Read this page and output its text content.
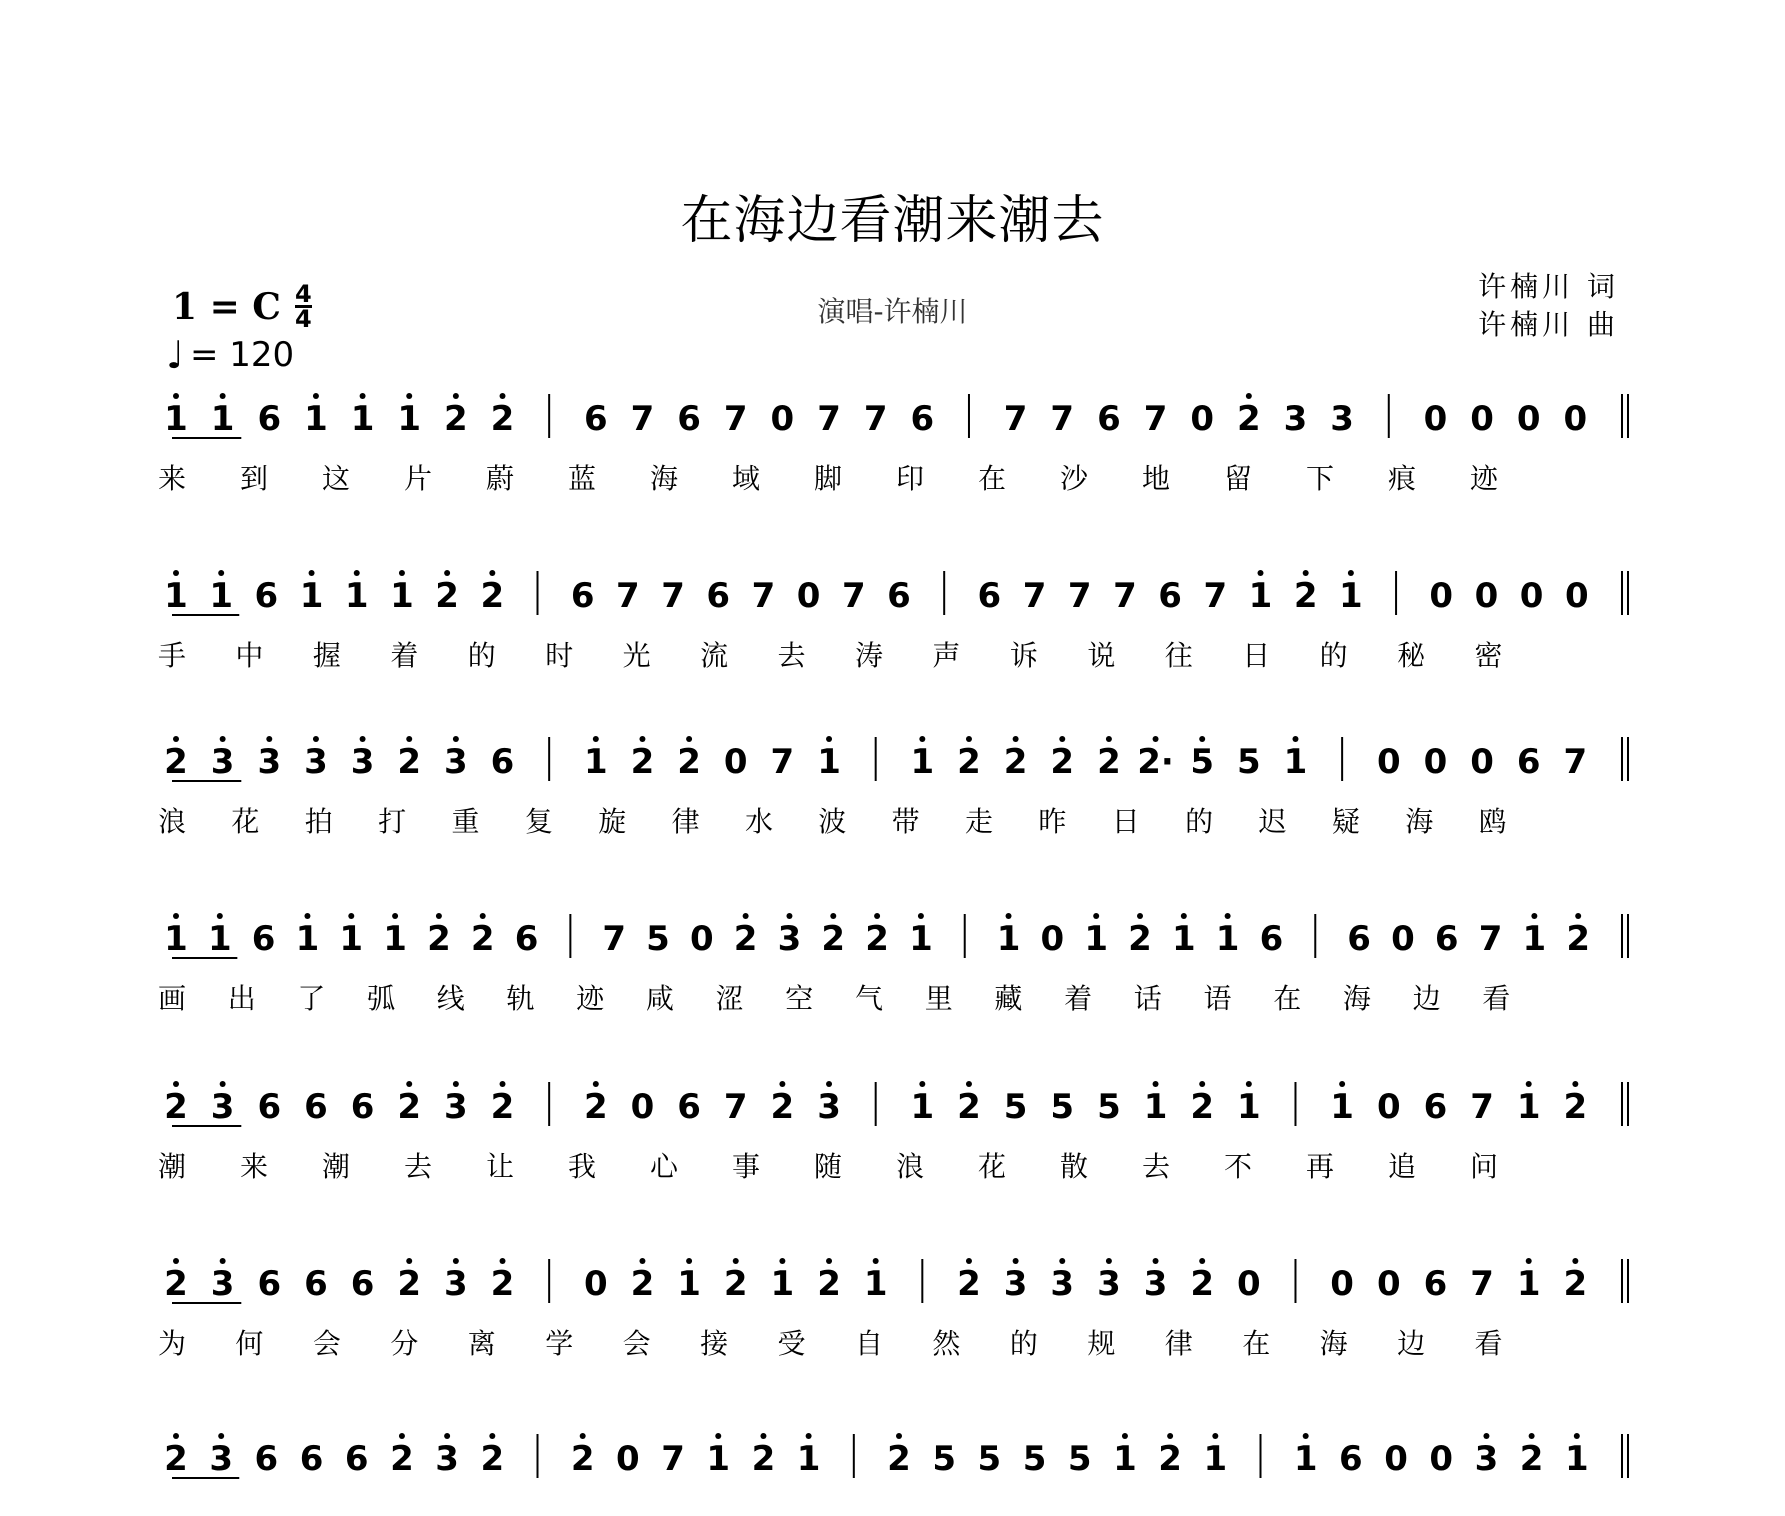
在海边看潮来潮去
演唱-许楠川
许楠川 词
许楠川 曲
1 = C $\frac{4}{4}$
♩ = 120
1 1 6 1 1 1 2 2 6 7 6 7 0 7 7 6 7 7 6 7 0 2 3 3 0 0 0 0
来 到 这 片 蔚 蓝 海 域 脚 印 在 沙 地 留 下 痕 迹
1 1 6 1 1 1 2 2 6 7 7 6 7 0 7 6 6 7 7 7 6 7 1 2 1 0 0 0 0
手 中 握 着 的 时 光 流 去 涛 声 诉 说 往 日 的 秘 密
2 3 3 3 3 2 3 6 1 2 2 0 7 1 1 2 2 2 2 2· 5 5 1 0 0 0 6 7
浪 花 拍 打 重 复 旋 律 水 波 带 走 昨 日 的 迟 疑 海 鸥
1 1 6 1 1 1 2 2 6 7 5 0 2 3 2 2 1 1 0 1 2 1 1 6 6 0 6 7 1 2
画 出 了 弧 线 轨 迹 咸 涩 空 气 里 藏 着 话 语 在 海 边 看
2 3 6 6 6 2 3 2 2 0 6 7 2 3 1 2 5 5 5 1 2 1 1 0 6 7 1 2
潮 来 潮 去 让 我 心 事 随 浪 花 散 去 不 再 追 问
2 3 6 6 6 2 3 2 0 2 1 2 1 2 1 2 3 3 3 3 2 0 0 0 6 7 1 2
为 何 会 分 离 学 会 接 受 自 然 的 规 律 在 海 边 看
2 3 6 6 6 2 3 2 2 0 7 1 2 1 2 5 5 5 5 1 2 1 1 6 0 0 3 2 1
